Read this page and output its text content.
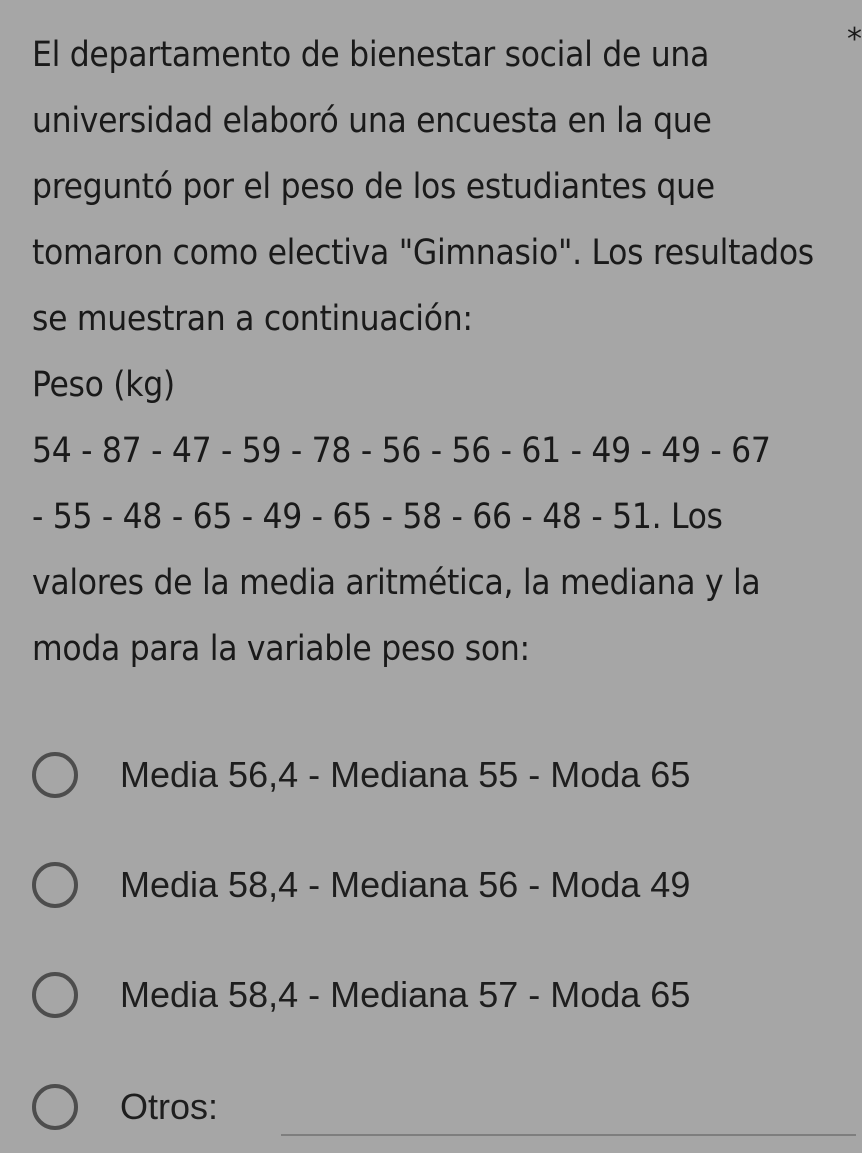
El departamento de bienestar social de una
universidad elaboró una encuesta en la que
preguntó por el peso de los estudiantes que
tomaron como electiva "Gimnasio". Los resultados
se muestran a continuación:
Peso (kg)
54 - 87 - 47 - 59 - 78 - 56 - 56 - 61 - 49 - 49 - 67
- 55 - 48 - 65 - 49 - 65 - 58 - 66 - 48 - 51. Los
valores de la media aritmética, la mediana y la
moda para la variable peso son:
*
Media 56,4 - Mediana 55 - Moda 65
Media 58,4 - Mediana 56 - Moda 49
Media 58,4 - Mediana 57 - Moda 65
Otros:
